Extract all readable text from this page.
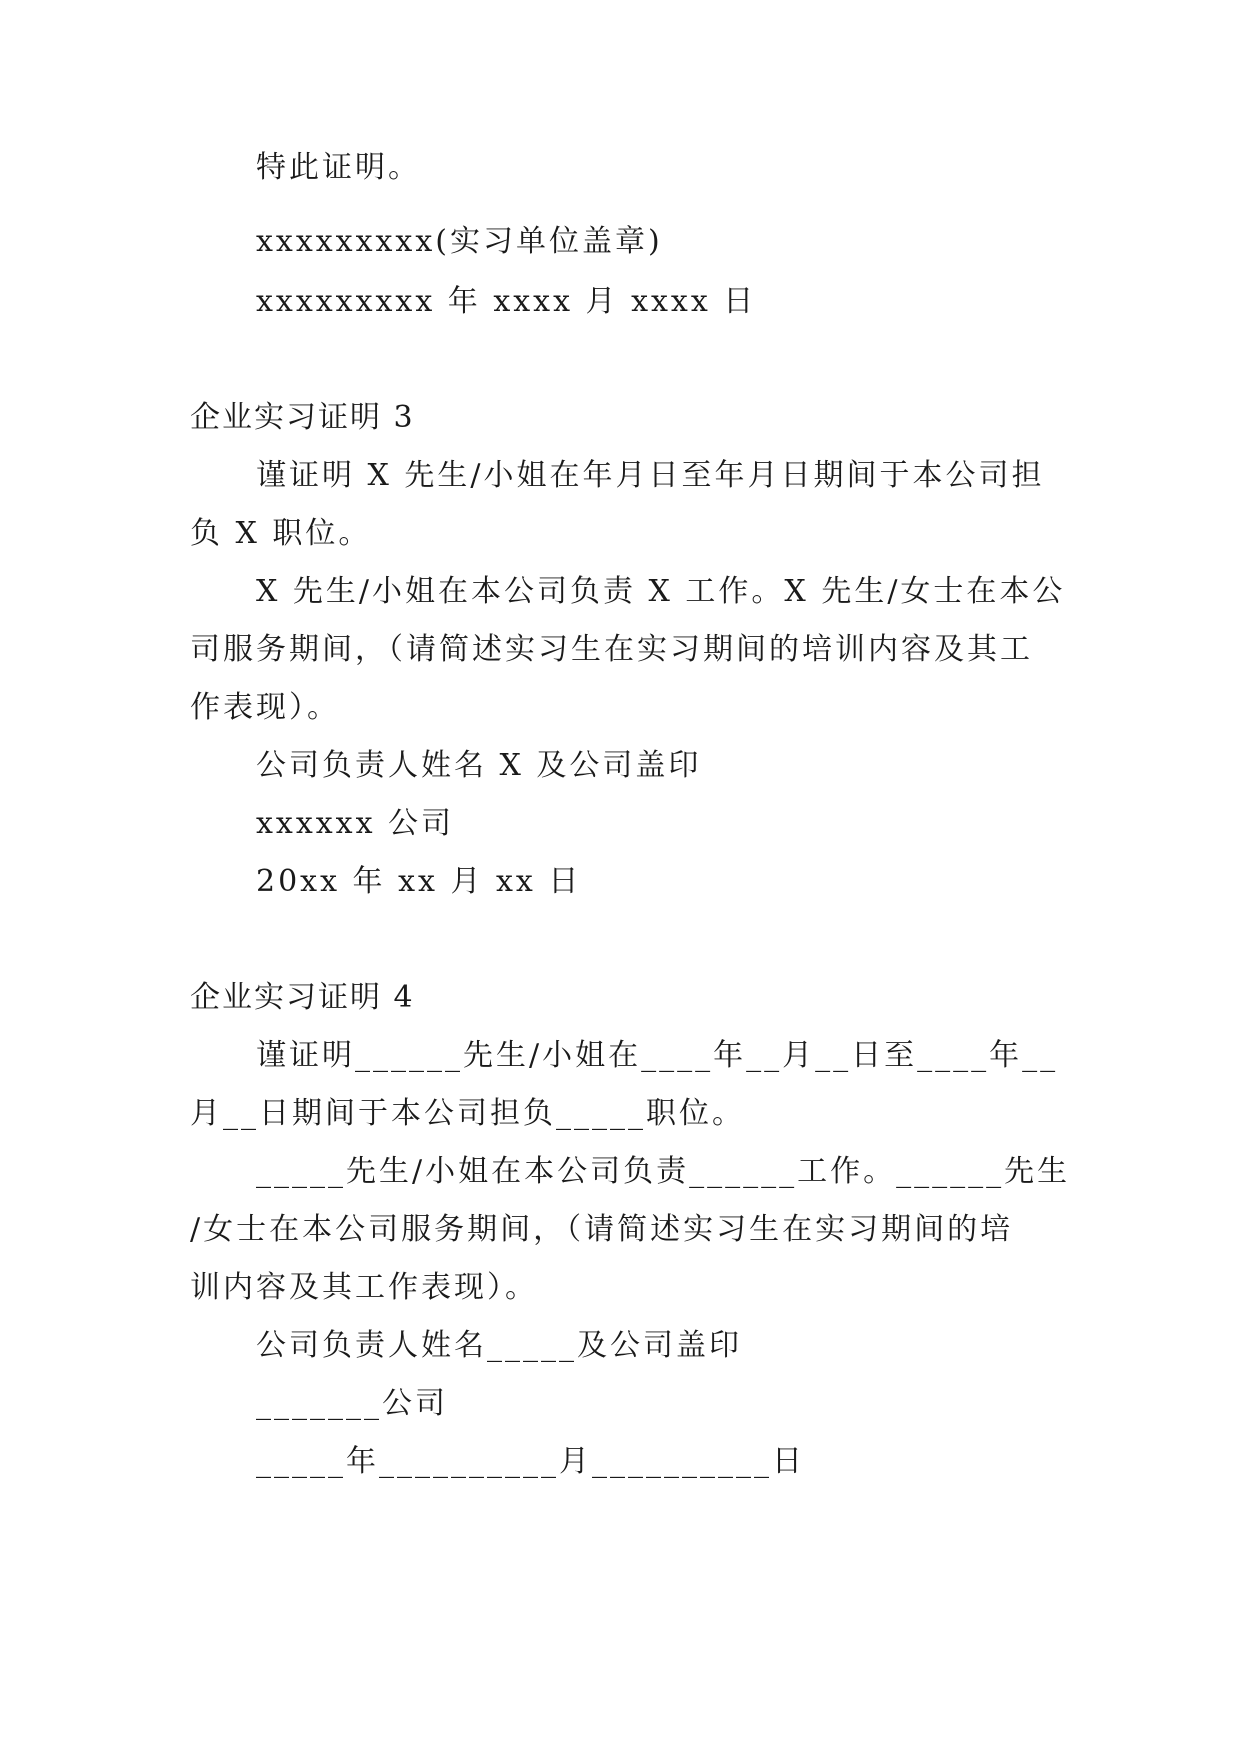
特此证明。
xxxxxxxxx(实习单位盖章)
xxxxxxxxx 年 xxxx 月 xxxx 日
企业实习证明 3
谨证明 X 先生/小姐在年月日至年月日期间于本公司担
负 X 职位。
X 先生/小姐在本公司负责 X 工作。X 先生/女士在本公
司服务期间，（请简述实习生在实习期间的培训内容及其工
作表现）。
公司负责人姓名 X 及公司盖印
xxxxxx 公司
20xx 年 xx 月 xx 日
企业实习证明 4
谨证明______先生/小姐在____年__月__日至____年__
月__日期间于本公司担负_____职位。
_____先生/小姐在本公司负责______工作。______先生
/女士在本公司服务期间，（请简述实习生在实习期间的培
训内容及其工作表现）。
公司负责人姓名_____及公司盖印
_______公司
_____年__________月__________日
